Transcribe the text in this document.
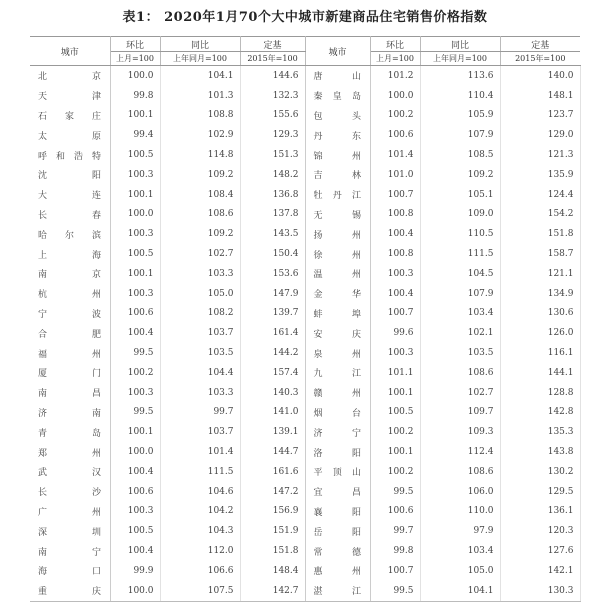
表1： 2020年1月70个大中城市新建商品住宅销售价格指数
城市	环比	同比	定基	城市	环比	同比	定基
	上月=100	上年同月=100	2015年=100		上月=100	上年同月=100	2015年=100
北京	100.0	104.1	144.6	唐山	101.2	113.6	140.0
天津	99.8	101.3	132.3	秦皇岛	100.0	110.4	148.1
石家庄	100.1	108.8	155.6	包头	100.2	105.9	123.7
太原	99.4	102.9	129.3	丹东	100.6	107.9	129.0
呼和浩特	100.5	114.8	151.3	锦州	101.4	108.5	121.3
沈阳	100.3	109.2	148.2	吉林	101.0	109.2	135.9
大连	100.1	108.4	136.8	牡丹江	100.7	105.1	124.4
长春	100.0	108.6	137.8	无锡	100.8	109.0	154.2
哈尔滨	100.3	109.2	143.5	扬州	100.4	110.5	151.8
上海	100.5	102.7	150.4	徐州	100.8	111.5	158.7
南京	100.1	103.3	153.6	温州	100.3	104.5	121.1
杭州	100.3	105.0	147.9	金华	100.4	107.9	134.9
宁波	100.6	108.2	139.7	蚌埠	100.7	103.4	130.6
合肥	100.4	103.7	161.4	安庆	99.6	102.1	126.0
福州	99.5	103.5	144.2	泉州	100.3	103.5	116.1
厦门	100.2	104.4	157.4	九江	101.1	108.6	144.1
南昌	100.3	103.3	140.3	赣州	100.1	102.7	128.8
济南	99.5	99.7	141.0	烟台	100.5	109.7	142.8
青岛	100.1	103.7	139.1	济宁	100.2	109.3	135.3
郑州	100.0	101.4	144.7	洛阳	100.1	112.4	143.8
武汉	100.4	111.5	161.6	平顶山	100.2	108.6	130.2
长沙	100.6	104.6	147.2	宜昌	99.5	106.0	129.5
广州	100.3	104.2	156.9	襄阳	100.6	110.0	136.1
深圳	100.5	104.3	151.9	岳阳	99.7	97.9	120.3
南宁	100.4	112.0	151.8	常德	99.8	103.4	127.6
海口	99.9	106.6	148.4	惠州	100.7	105.0	142.1
重庆	100.0	107.5	142.7	湛江	99.5	104.1	130.3
